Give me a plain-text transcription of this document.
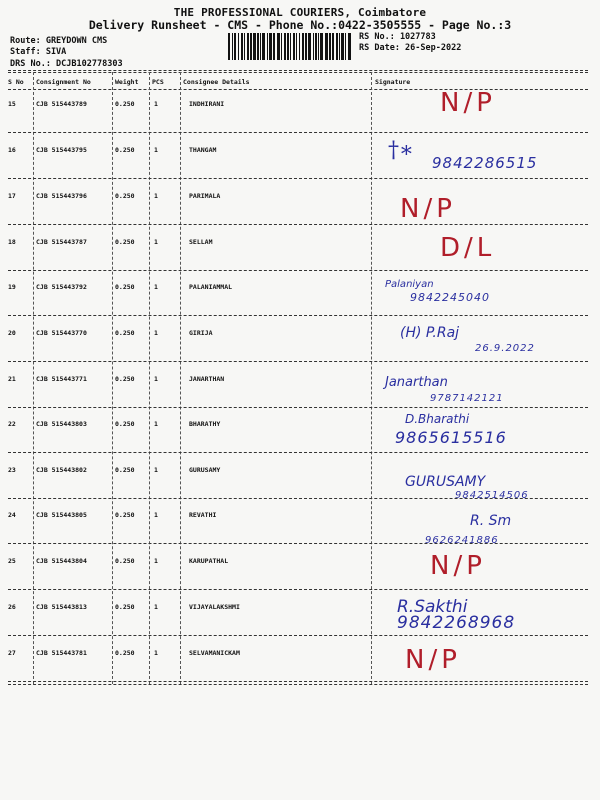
THE PROFESSIONAL COURIERS, Coimbatore
Delivery Runsheet - CMS - Phone No.:0422-3505555 - Page No.:3
Route: GREYDOWN CMS
Staff: SIVA
DRS No.: DCJB102778303
RS No.: 1027783
RS Date: 26-Sep-2022
S No Consignment No	Weight PCS	Consignee Details	Signature
15	CJB 515443789	0.250	1	INDHIRANI	N/P
16	CJB 515443795	0.250	1	THANGAM
9842286515
†∗
17	CJB 515443796	0.250	1	PARIMALA	N/P
18	CJB 515443787	0.250	1	SELLAM	D/L
19	CJB 515443792	0.250	1	PALANIAMMAL	Palaniyan
9842245040
20	CJB 515443770	0.250	1	GIRIJA	(H) P.Raj
26.9.2022
21	CJB 515443771	0.250	1	JANARTHAN	Janarthan
9787142121
22	CJB 515443803	0.250	1	BHARATHY	D.Bharathi
9865615516
23	CJB 515443802	0.250	1	GURUSAMY
GURUSAMY
9842514506
24	CJB 515443805	0.250	1	REVATHI	R. Sm
9626241886
25	CJB 515443804	0.250	1	KARUPATHAL	N/P
26	CJB 515443813	0.250	1	VIJAYALAKSHMI	R.Sakthi
9842268968
27	CJB 515443781	0.250	1	SELVAMANICKAM	N/P
